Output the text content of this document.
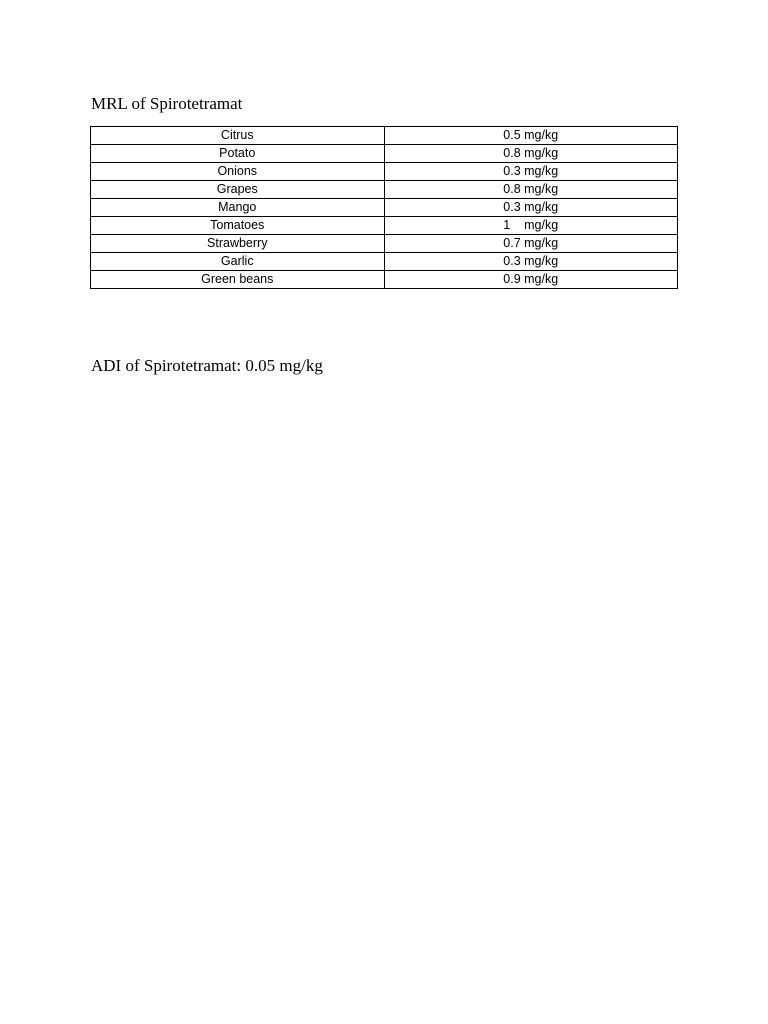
MRL of Spirotetramat
Citrus	0.5 mg/kg
Potato	0.8 mg/kg
Onions	0.3 mg/kg
Grapes	0.8 mg/kg
Mango	0.3 mg/kg
Tomatoes	1    mg/kg
Strawberry	0.7 mg/kg
Garlic	0.3 mg/kg
Green beans	0.9 mg/kg

ADI of Spirotetramat: 0.05 mg/kg
